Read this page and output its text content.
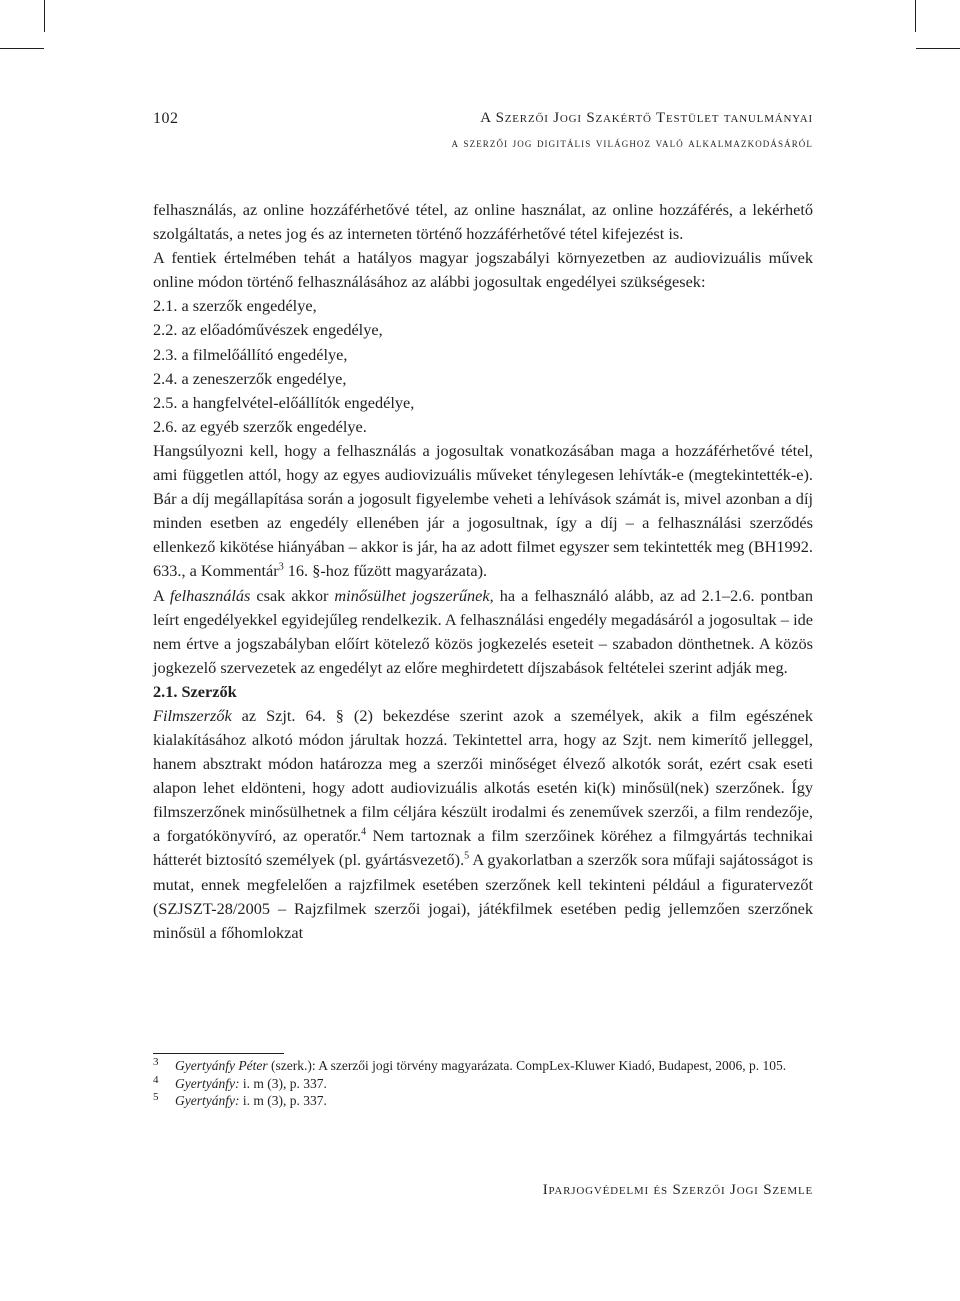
102	A Szerzői Jogi Szakértő Testület tanulmányai
a szerzői jog digitális világhoz való alkalmazkodásáról

felhasználás, az online hozzáférhetővé tétel, az online használat, az online hozzáférés, a lekérhető szolgáltatás, a netes jog és az interneten történő hozzáférhetővé tétel kifejezést is.

A fentiek értelmében tehát a hatályos magyar jogszabályi környezetben az audiovizuális művek online módon történő felhasználásához az alábbi jogosultak engedélyei szükségesek:

2.1. a szerzők engedélye,

2.2. az előadóművészek engedélye,

2.3. a filmelőállító engedélye,

2.4. a zeneszerzők engedélye,

2.5. a hangfelvétel-előállítók engedélye,

2.6. az egyéb szerzők engedélye.

Hangsúlyozni kell, hogy a felhasználás a jogosultak vonatkozásában maga a hozzáférhetővé tétel, ami független attól, hogy az egyes audiovizuális műveket ténylegesen lehívták-e (megtekintették-e). Bár a díj megállapítása során a jogosult figyelembe veheti a lehívások számát is, mivel azonban a díj minden esetben az engedély ellenében jár a jogosultnak, így a díj – a felhasználási szerződés ellenkező kikötése hiányában – akkor is jár, ha az adott filmet egyszer sem tekintették meg (BH1992. 633., a Kommentár$^3$ 16. §-hoz fűzött magyarázata).

A felhasználás csak akkor minősülhet jogszerűnek, ha a felhasználó alább, az ad 2.1–2.6. pontban leírt engedélyekkel egyidejűleg rendelkezik. A felhasználási engedély megadásáról a jogosultak – ide nem értve a jogszabályban előírt kötelező közös jogkezelés eseteit – szabadon dönthetnek. A közös jogkezelő szervezetek az engedélyt az előre meghirdetett díjszabások feltételei szerint adják meg.

2.1. Szerzők

Filmszerzők az Szjt. 64. § (2) bekezdése szerint azok a személyek, akik a film egészének kialakításához alkotó módon járultak hozzá. Tekintettel arra, hogy az Szjt. nem kimerítő jelleggel, hanem absztrakt módon határozza meg a szerzői minőséget élvező alkotók sorát, ezért csak eseti alapon lehet eldönteni, hogy adott audiovizuális alkotás esetén ki(k) minősül(nek) szerzőnek. Így filmszerzőnek minősülhetnek a film céljára készült irodalmi és zeneművek szerzői, a film rendezője, a forgatókönyvíró, az operatőr.$^4$ Nem tartoznak a film szerzőinek köréhez a filmgyártás technikai hátterét biztosító személyek (pl. gyártásvezető).$^5$ A gyakorlatban a szerzők sora műfaji sajátosságot is mutat, ennek megfelelően a rajzfilmek esetében szerzőnek kell tekinteni például a figuratervezőt (SZJSZT-28/2005 – Rajzfilmek szerzői jogai), játékfilmek esetében pedig jellemzően szerzőnek minősül a főhomlokzat

3 Gyertyánfy Péter (szerk.): A szerzői jogi törvény magyarázata. CompLex-Kluwer Kiadó, Budapest, 2006, p. 105.
4 Gyertyánfy: i. m (3), p. 337.
5 Gyertyánfy: i. m (3), p. 337.
Iparjogvédelmi és Szerzői Jogi Szemle
